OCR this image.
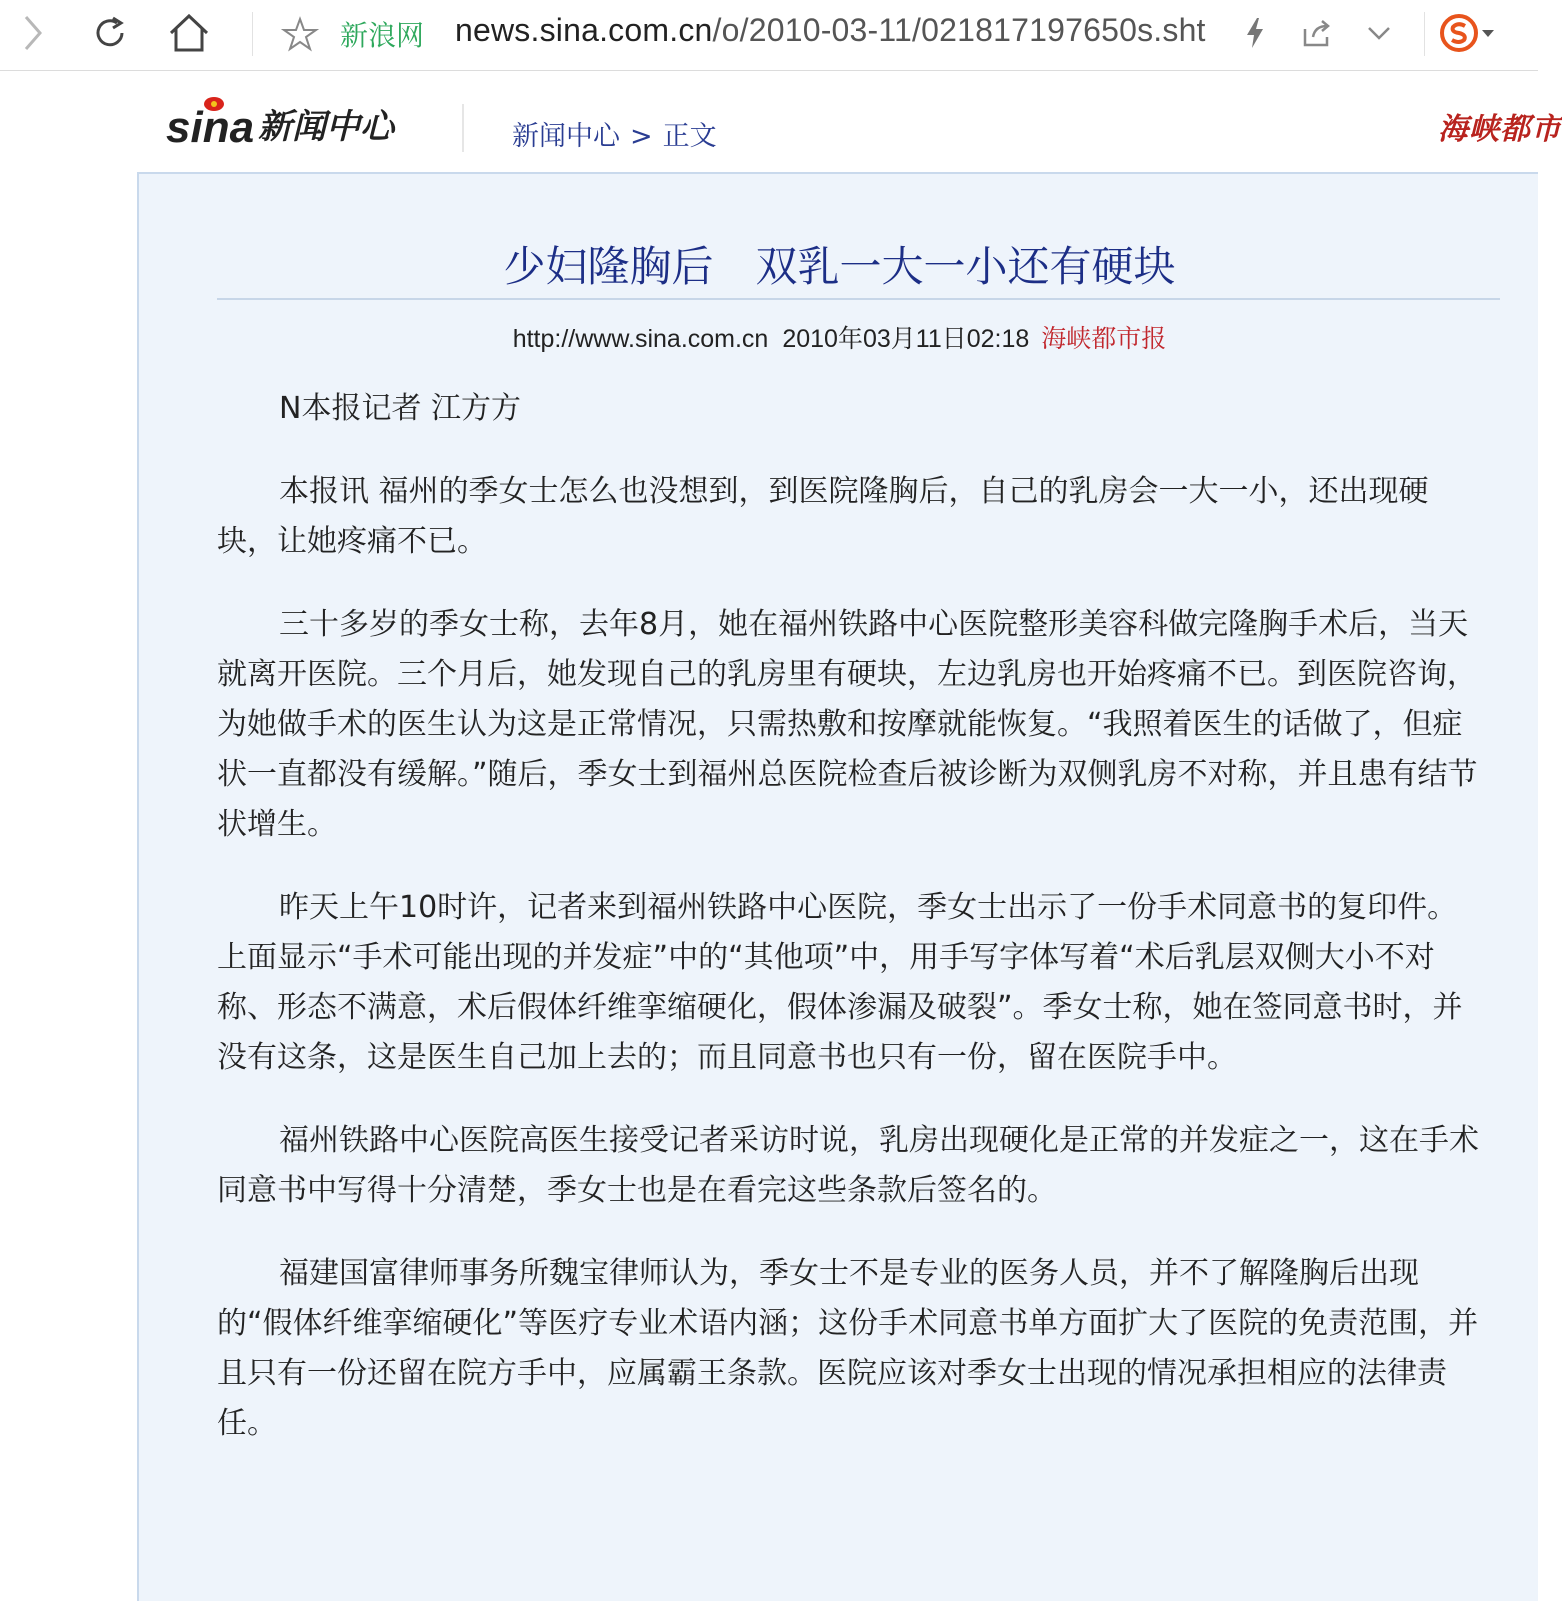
新浪网 news.sina.com.cn/o/2010-03-11/021817197650s.sht
sina 新闻中心	新闻中心 > 正文	海峡都市
少妇隆胸后　双乳一大一小还有硬块
http://www.sina.com.cn 2010年03月11日02:18 海峡都市报

N本报记者 江方方

本报讯 福州的季女士怎么也没想到，到医院隆胸后，自己的乳房会一大一小，还出现硬块，让她疼痛不已。

三十多岁的季女士称，去年8月，她在福州铁路中心医院整形美容科做完隆胸手术后，当天就离开医院。三个月后，她发现自己的乳房里有硬块，左边乳房也开始疼痛不已。到医院咨询，为她做手术的医生认为这是正常情况，只需热敷和按摩就能恢复。“我照着医生的话做了，但症状一直都没有缓解。”随后，季女士到福州总医院检查后被诊断为双侧乳房不对称，并且患有结节状增生。

昨天上午10时许，记者来到福州铁路中心医院，季女士出示了一份手术同意书的复印件。上面显示“手术可能出现的并发症”中的“其他项”中，用手写字体写着“术后乳层双侧大小不对称、形态不满意，术后假体纤维挛缩硬化，假体渗漏及破裂”。季女士称，她在签同意书时，并没有这条，这是医生自己加上去的；而且同意书也只有一份，留在医院手中。

福州铁路中心医院高医生接受记者采访时说，乳房出现硬化是正常的并发症之一，这在手术同意书中写得十分清楚，季女士也是在看完这些条款后签名的。

福建国富律师事务所魏宝律师认为，季女士不是专业的医务人员，并不了解隆胸后出现的“假体纤维挛缩硬化”等医疗专业术语内涵；这份手术同意书单方面扩大了医院的免责范围，并且只有一份还留在院方手中，应属霸王条款。医院应该对季女士出现的情况承担相应的法律责任。
